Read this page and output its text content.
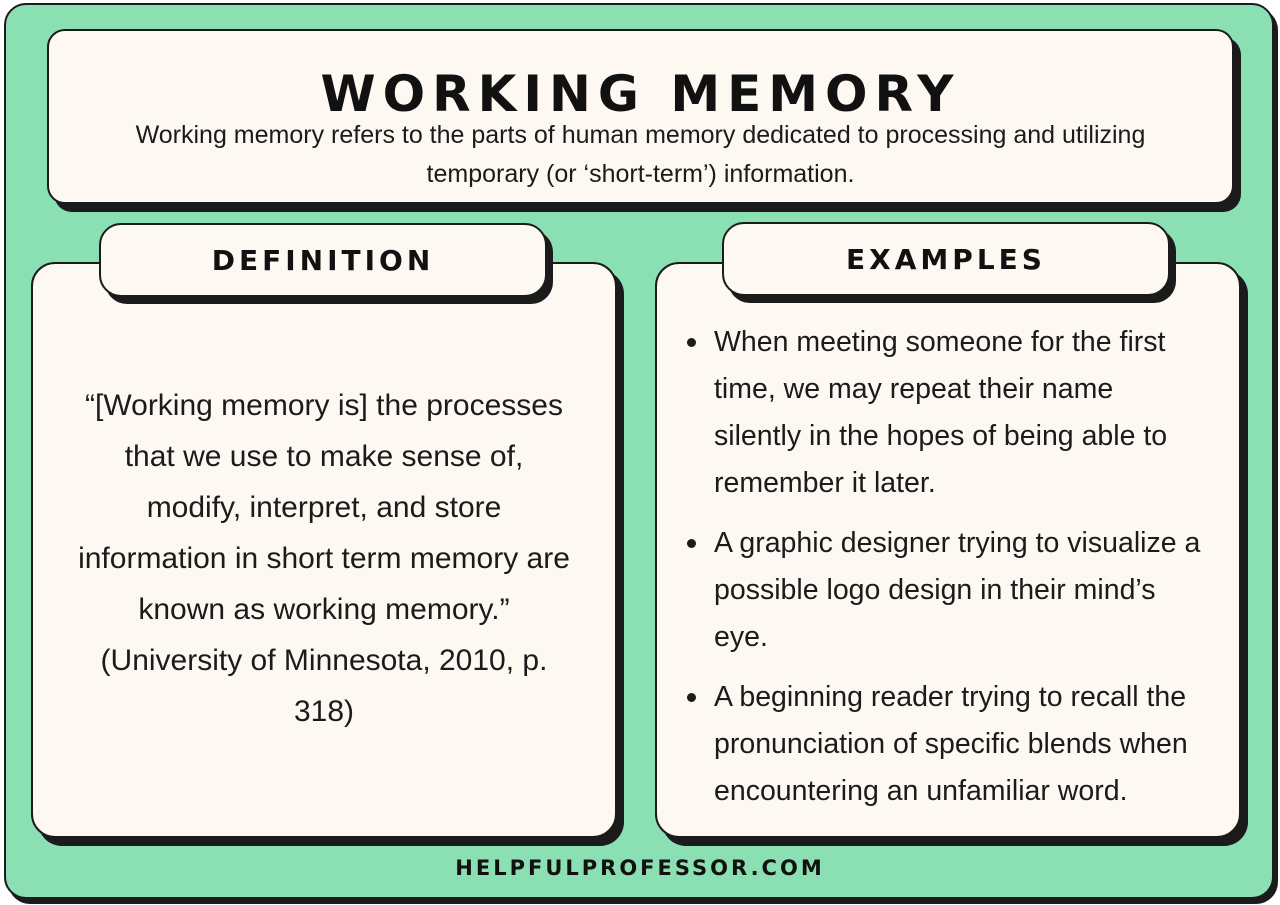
WORKING MEMORY
Working memory refers to the parts of human memory dedicated to processing and utilizing
temporary (or ‘short-term’) information.
“[Working memory is] the processes
that we use to make sense of,
modify, interpret, and store
information in short term memory are
known as working memory.”
(University of Minnesota, 2010, p.
318)
When meeting someone for the first
time, we may repeat their name
silently in the hopes of being able to
remember it later.
A graphic designer trying to visualize a
possible logo design in their mind’s
eye.
A beginning reader trying to recall the
pronunciation of specific blends when
encountering an unfamiliar word.
DEFINITION	EXAMPLES
HELPFULPROFESSOR.COM
